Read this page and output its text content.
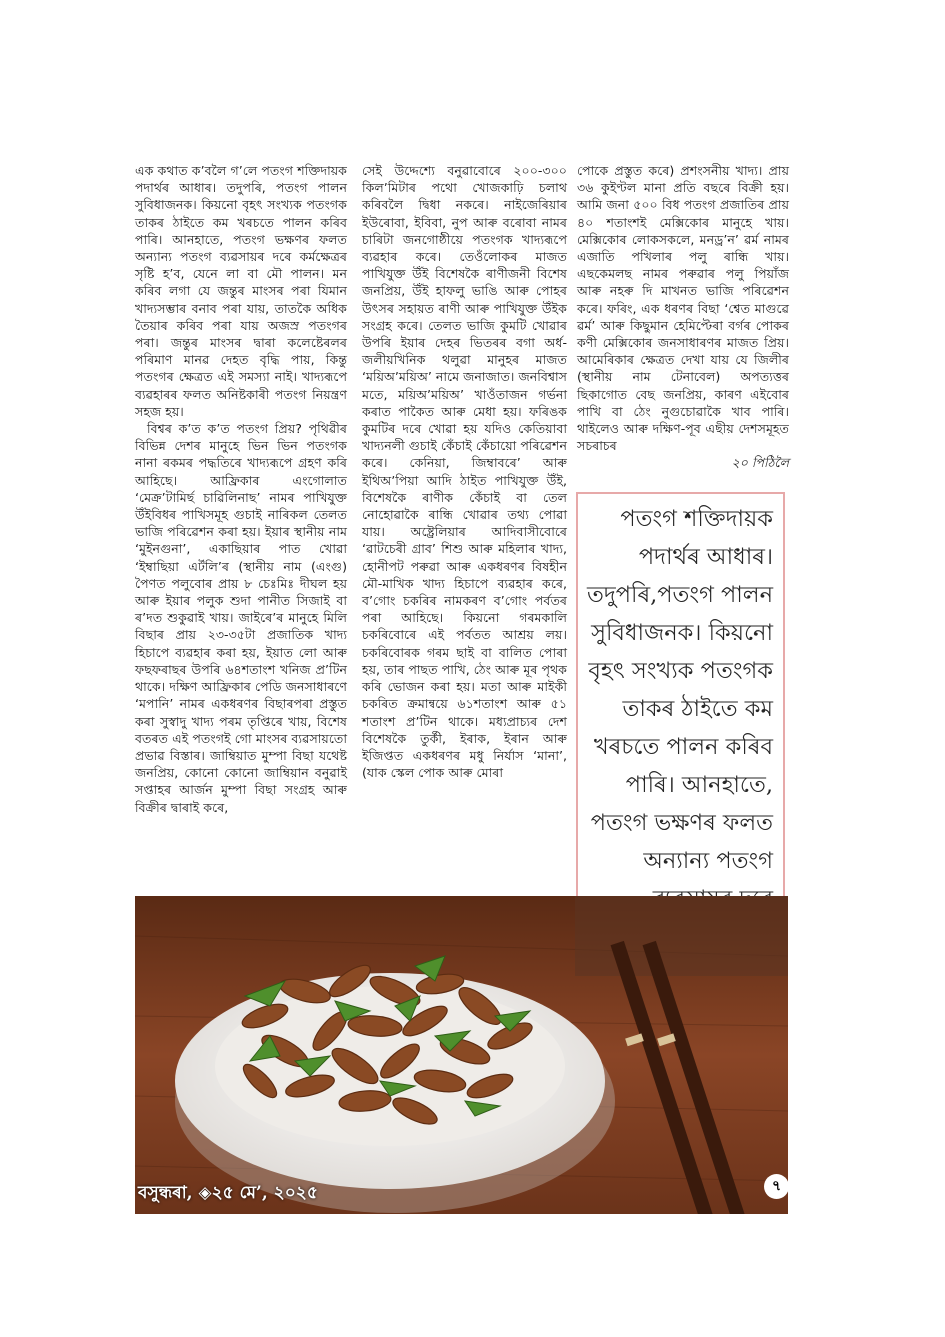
এক কথাত ক’বলৈ গ’লে পতংগ শক্তিদায়ক পদাৰ্থৰ আধাৰ। তদুপৰি, পতংগ পালন সুবিধাজনক। কিয়নো বৃহৎ সংখ্যক পতংগক তাকৰ ঠাইতে কম খৰচতে পালন কৰিব পাৰি। আনহাতে, পতংগ ভক্ষণৰ ফলত অন্যান্য পতংগ ব্যৱসায়ৰ দৰে কৰ্মক্ষেত্ৰৰ সৃষ্টি হ’ব, যেনে লা বা মৌ পালন। মন কৰিব লগা যে জন্তুৰ মাংসৰ পৰা যিমান খাদ্যসম্ভাৰ বনাব পৰা যায়, তাতকৈ অধিক তৈয়াৰ কৰিব পৰা যায় অজস্ৰ পতংগৰ পৰা। জন্তুৰ মাংসৰ দ্বাৰা কলেষ্টেৰলৰ পৰিমাণ মানৱ দেহত বৃদ্ধি পায়, কিন্তু পতংগৰ ক্ষেত্ৰত এই সমস্যা নাই। খাদ্যৰূপে ব্যৱহাৰৰ ফলত অনিষ্টকাৰী পতংগ নিয়ন্ত্ৰণ সহজ হয়।

বিশ্বৰ ক’ত ক’ত পতংগ প্ৰিয়? পৃথিৱীৰ বিভিন্ন দেশৰ মানুহে ভিন ভিন পতংগক নানা ৰকমৰ পদ্ধতিৰে খাদ্যৰূপে গ্ৰহণ কৰি আহিছে। আফ্ৰিকাৰ এংগোলাত ‘মেক্ৰ’টামিৰ্ছ চাৱিলিনাছ’ নামৰ পাখিযুক্ত উঁইবিধৰ পাখিসমূহ গুচাই নাৰিকল তেলত ভাজি পৰিৱেশন কৰা হয়। ইয়াৰ স্থানীয় নাম ‘মুইনগুনা’, একাছিয়াৰ পাত খোৱা ‘ইম্বাছিয়া এৰ্টলি’ৰ (স্থানীয় নাম (এংগু) পৈণত পলুবোৰ প্ৰায় ৮ চেঃমিঃ দীঘল হয় আৰু ইয়াৰ পলুক শুদা পানীত সিজাই বা ৰ’দত শুকুৱাই খায়। জাইৰে’ৰ মানুহে মিলি বিছাৰ প্ৰায় ২৩-৩৫টা প্ৰজাতিক খাদ্য হিচাপে ব্যৱহাৰ কৰা হয়, ইয়াত লো আৰু ফছফৰাছৰ উপৰি ৬৪শতাংশ খনিজ প্ৰ’টিন থাকে। দক্ষিণ আফ্ৰিকাৰ পেডি জনসাধাৰণে ‘মপানি’ নামৰ একধৰণৰ বিছাৰপৰা প্ৰস্তুত কৰা সুস্বাদু খাদ্য পৰম তৃপ্তিৰে খায়, বিশেষ বতৰত এই পতংগই গো মাংসৰ ব্যৱসায়তো প্ৰভাৱ বিস্তাৰ। জাম্বিয়াত মুম্পা বিছা যথেষ্ট জনপ্ৰিয়, কোনো কোনো জাম্বিয়ান বনুৱাই সপ্তাহৰ আৰ্জন মুম্পা বিছা সংগ্ৰহ আৰু বিক্ৰীৰ দ্বাৰাই কৰে,

সেই উদ্দেশ্যে বনুৱাবোৰে ২০০-৩০০ কিলʼমিটাৰ পথো খোজকাঢ়ি চলাথ কৰিবলৈ দ্বিধা নকৰে। নাইজেৰিয়াৰ ইউৰোবা, ইবিবা, নুপ আৰু বৰোবা নামৰ চাৰিটা জনগোষ্ঠীয়ে পতংগক খাদ্যৰূপে ব্যৱহাৰ কৰে। তেওঁলোকৰ মাজত পাখিযুক্ত উঁই বিশেষকৈ ৰাণীজনী বিশেষ জনপ্ৰিয়, উঁই হাফলু ভাঙি আৰু পোহৰ উৎসৰ সহায়ত ৰাণী আৰু পাখিযুক্ত উঁইক সংগ্ৰহ কৰে। তেলত ভাজি কুমটি খোৱাৰ উপৰি ইয়াৰ দেহৰ ভিতৰৰ বগা অৰ্ধ-জলীয়খিনিক থলুৱা মানুহৰ মাজত ‘ময়িঅʼময়িঅ’ নামে জনাজাত। জনবিশ্বাস মতে, ময়িঅʼময়িঅ’ খাওঁতাজন গৰ্ভনা কৰাত পাকৈত আৰু মেধা হয়। ফৰিঙক কুমটিৰ দৰে খোৱা হয় যদিও কেতিয়াবা খাদ্যনলী গুচাই কেঁচাই কেঁচায়ো পৰিৱেশন কৰে। কেনিয়া, জিম্বাবৰে’ আৰু ইথিঅʼপিয়া আদি ঠাইত পাখিযুক্ত উঁই, বিশেষকৈ ৰাণীক কেঁচাই বা তেল নোহোৱাকৈ ৰান্ধি খোৱাৰ তথ্য পোৱা যায়। অষ্ট্ৰেলিয়াৰ আদিবাসীবোৰে ‘ৱাটচেৰী গ্ৰাব’ শিশু আৰু মহিলাৰ খাদ্য, হোনীপট পৰুৱা আৰু একধৰণৰ বিষহীন মৌ-মাখিক খাদ্য হিচাপে ব্যৱহাৰ কৰে, ব’গোং চকৰিৰ নামকৰণ ব’গোং পৰ্বতৰ পৰা আহিছে। কিয়নো গৰমকালি চকৰিবোৰে এই পৰ্বতত আশ্ৰয় লয়। চকৰিবোৰক গৰম ছাই বা বালিত পোৰা হয়, তাৰ পাছত পাখি, ঠেং আৰু মূৰ পৃথক কৰি ভোজন কৰা হয়। মতা আৰু মাইকী চকৰিত ক্ৰমান্বয়ে ৬১শতাংশ আৰু ৫১ শতাংশ প্ৰ’টিন থাকে। মধ্যপ্ৰাচ্যৰ দেশ বিশেষকৈ তুৰ্কী, ইৰাক, ইৰান আৰু ইজিপ্তত একধৰণৰ মধু নিৰ্যাস ‘মানা’, (যাক স্কেল পোক আৰু মোৰা

পোকে প্ৰস্তুত কৰে) প্ৰশংসনীয় খাদ্য। প্ৰায় ৩৬ কুইণ্টল মানা প্ৰতি বছৰে বিক্ৰী হয়। আমি জনা ৫০০ বিধ পতংগ প্ৰজাতিৰ প্ৰায় ৪০ শতাংশই মেক্সিকোৰ মানুহে খায়। মেক্সিকোৰ লোকসকলে, মনড্ৰ’ন’ ৱৰ্ম নামৰ এজাতি পখিলাৰ পলু ৰান্ধি খায়। এছকেমলছ নামৰ পৰুৱাৰ পলু পিয়াঁজ আৰু নহৰু দি মাখনত ভাজি পৰিৱেশন কৰে। ফৰিং, এক ধৰণৰ বিছা ‘শ্বেত মাগুৱে ৱৰ্ম’ আৰু কিছুমান হেমিপ্টেৰা বৰ্গৰ পোকৰ কণী মেক্সিকোৰ জনসাধাৰণৰ মাজত প্ৰিয়। আমেৰিকাৰ ক্ষেত্ৰত দেখা যায় যে জিলীৰ (স্থানীয় নাম টেনাবেল) অপত্যত্তৰ ছিকাগোত বেছ জনপ্ৰিয়, কাৰণ এইবোৰ পাখি বা ঠেং নুগুচোৱাকৈ খাব পাৰি। থাইলেও আৰু দক্ষিণ-পূব এছীয় দেশসমূহত সচৰাচৰ

২০ পিঠিলৈ
পতংগ শক্তিদায়ক পদাৰ্থৰ আধাৰ। তদুপৰি,পতংগ পালন সুবিধাজনক। কিয়নো বৃহৎ সংখ্যক পতংগক তাকৰ ঠাইতে কম খৰচতে পালন কৰিব পাৰি। আনহাতে, পতংগ ভক্ষণৰ ফলত অন্যান্য পতংগ
বসুন্ধৰা, ◈২৫ মে’, ২০২৫	৭
